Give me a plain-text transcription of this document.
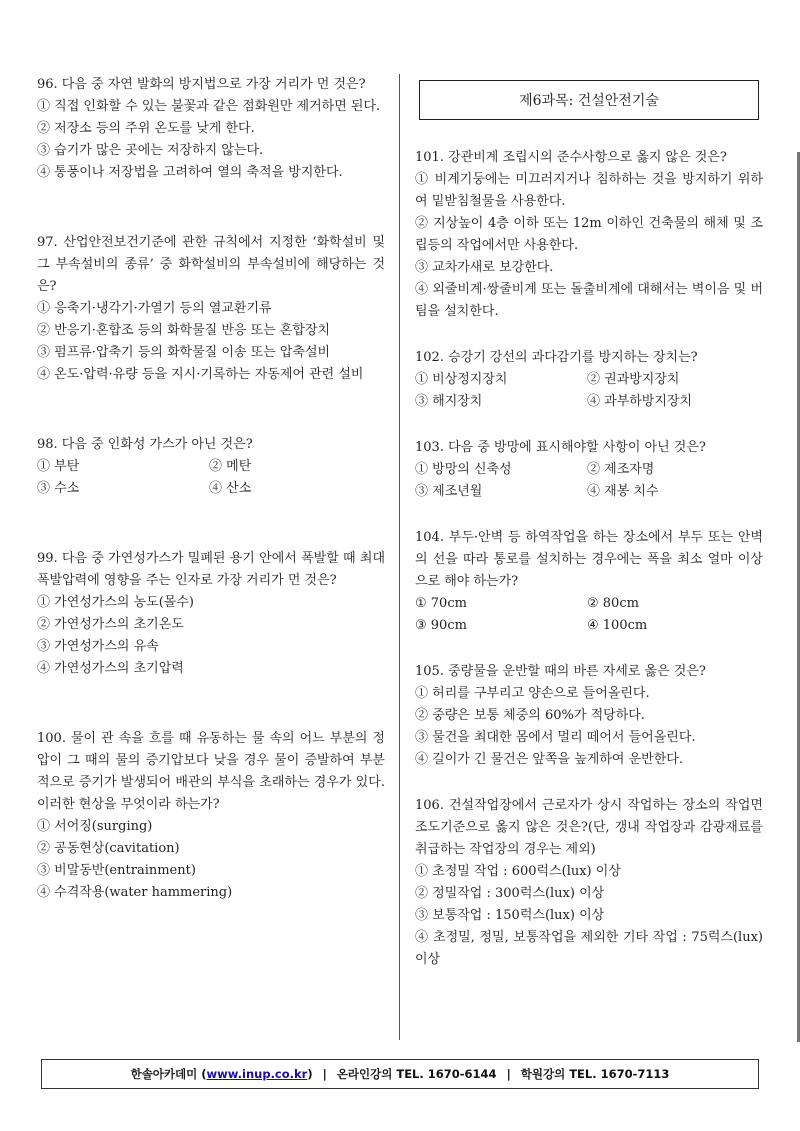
96. 다음 중 자연 발화의 방지법으로 가장 거리가 먼 것은?

① 직접 인화할 수 있는 불꽃과 같은 점화원만 제거하면 된다.

② 저장소 등의 주위 온도를 낮게 한다.

③ 습기가 많은 곳에는 저장하지 않는다.

④ 통풍이나 저장법을 고려하여 열의 축적을 방지한다.

97. 산업안전보건기준에 관한 규칙에서 지정한 ‘화학설비 및 그 부속설비의 종류’ 중 화학설비의 부속설비에 해당하는 것은?

① 응축기·냉각기·가열기 등의 열교환기류

② 반응기·혼합조 등의 화학물질 반응 또는 혼합장치

③ 펌프류·압축기 등의 화학물질 이송 또는 압축설비

④ 온도·압력·유량 등을 지시·기록하는 자동제어 관련 설비

98. 다음 중 인화성 가스가 아닌 것은?

① 부탄	② 메탄

③ 수소	④ 산소

99. 다음 중 가연성가스가 밀폐된 용기 안에서 폭발할 때 최대 폭발압력에 영향을 주는 인자로 가장 거리가 먼 것은?

① 가연성가스의 농도(몰수)

② 가연성가스의 초기온도

③ 가연성가스의 유속

④ 가연성가스의 초기압력

100. 물이 관 속을 흐를 때 유동하는 물 속의 어느 부분의 정압이 그 때의 물의 증기압보다 낮을 경우 물이 증발하여 부분적으로 증기가 발생되어 배관의 부식을 초래하는 경우가 있다. 이러한 현상을 무엇이라 하는가?

① 서어징(surging)

② 공동현상(cavitation)

③ 비말동반(entrainment)

④ 수격작용(water hammering)

제6과목: 건설안전기술

101. 강관비계 조립시의 준수사항으로 옳지 않은 것은?

① 비계기둥에는 미끄러지거나 침하하는 것을 방지하기 위하여 밑받침철물을 사용한다.

② 지상높이 4층 이하 또는 12m 이하인 건축물의 해체 및 조립등의 작업에서만 사용한다.

③ 교차가새로 보강한다.

④ 외줄비계·쌍줄비계 또는 돌출비계에 대해서는 벽이음 및 버팀을 설치한다.

102. 승강기 강선의 과다감기를 방지하는 장치는?

① 비상정지장치	② 권과방지장치

③ 해지장치	④ 과부하방지장치

103. 다음 중 방망에 표시해야할 사항이 아닌 것은?

① 방망의 신축성	② 제조자명

③ 제조년월	④ 재봉 치수

104. 부두·안벽 등 하역작업을 하는 장소에서 부두 또는 안벽의 선을 따라 통로를 설치하는 경우에는 폭을 최소 얼마 이상으로 해야 하는가?

① 70cm	② 80cm

③ 90cm	④ 100cm

105. 중량물을 운반할 때의 바른 자세로 옳은 것은?

① 허리를 구부리고 양손으로 들어올린다.

② 중량은 보통 체중의 60%가 적당하다.

③ 물건을 최대한 몸에서 멀리 떼어서 들어올린다.

④ 길이가 긴 물건은 앞쪽을 높게하여 운반한다.

106. 건설작업장에서 근로자가 상시 작업하는 장소의 작업면 조도기준으로 옳지 않은 것은?(단, 갱내 작업장과 감광재료를 취급하는 작업장의 경우는 제외)

① 초정밀 작업 : 600럭스(lux) 이상

② 정밀작업 : 300럭스(lux) 이상

③ 보통작업 : 150럭스(lux) 이상

④ 초정밀, 정밀, 보통작업을 제외한 기타 작업 : 75럭스(lux) 이상

한솔아카데미 ( www.inup.co.kr ) | 온라인강의 TEL. 1670-6144 | 학원강의 TEL. 1670-7113
